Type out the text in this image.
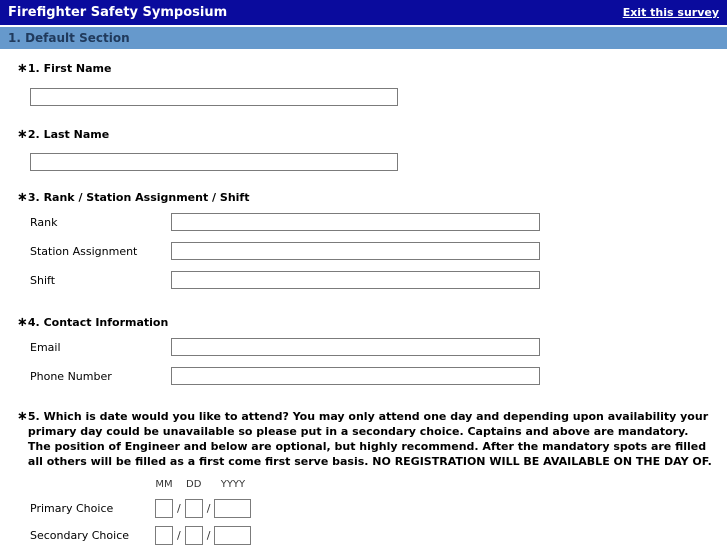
Firefighter Safety Symposium	Exit this survey
1. Default Section
∗ 1. First Name
∗ 2. Last Name
∗ 3. Rank / Station Assignment / Shift
Rank
Station Assignment
Shift
∗ 4. Contact Information
Email
Phone Number
∗ 5. Which is date would you like to attend? You may only attend one day and depending upon availability your primary day could be unavailable so please put in a secondary choice. Captains and above are mandatory. The position of Engineer and below are optional, but highly recommend. After the mandatory spots are filled all others will be filled as a first come first serve basis. NO REGISTRATION WILL BE AVAILABLE ON THE DAY OF.
MM DD	YYYY
Primary Choice	/ /
Secondary Choice	/ /
